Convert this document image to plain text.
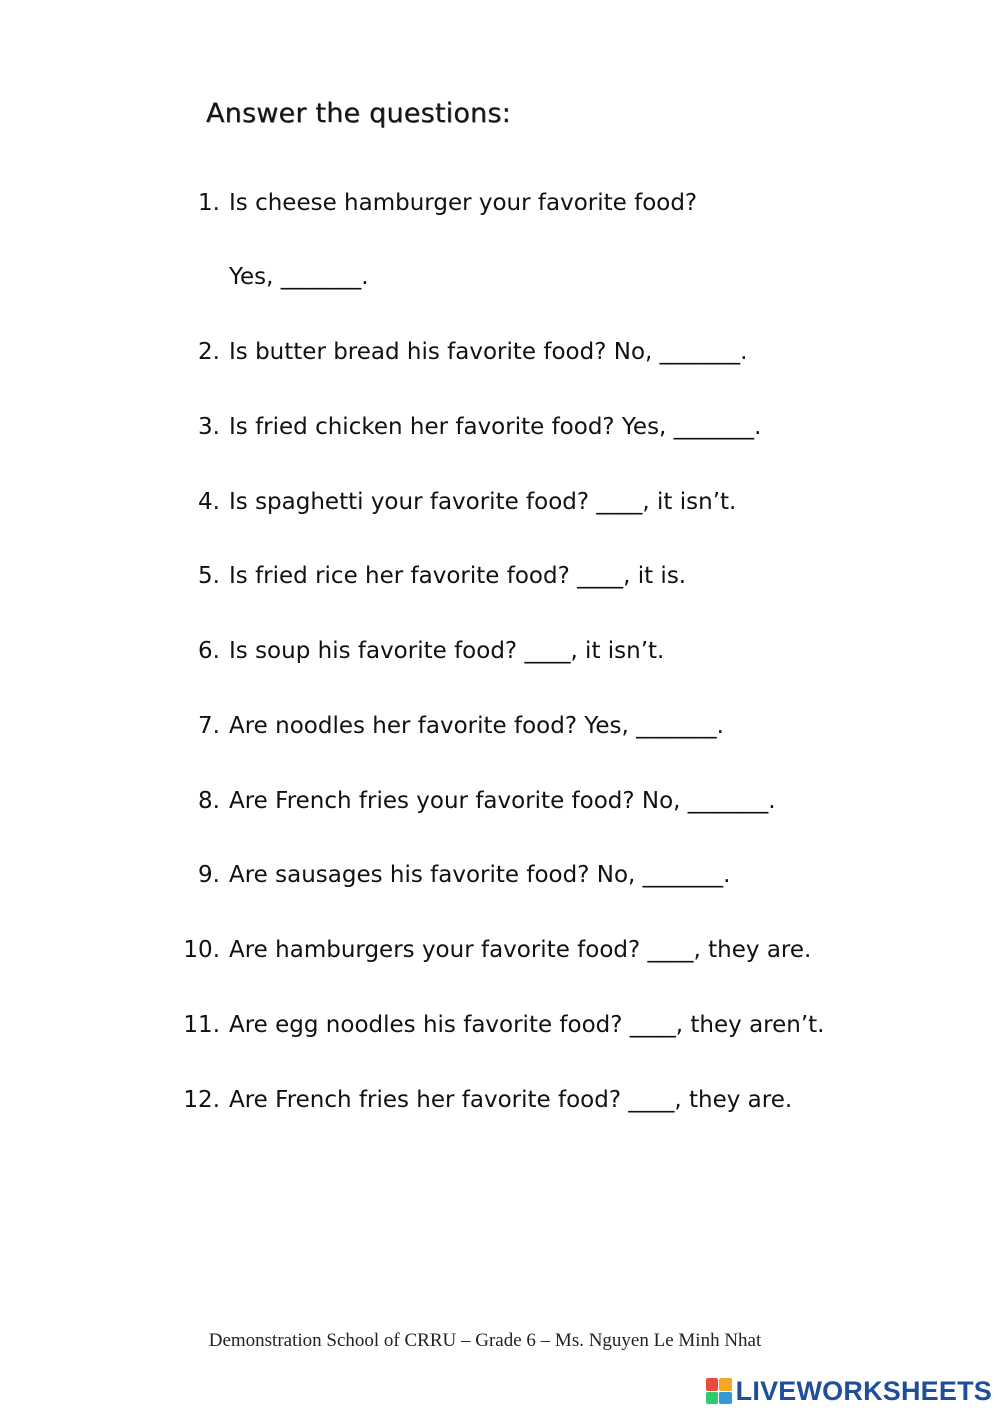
Answer the questions:
1. Is cheese hamburger your favorite food?
Yes, _______.
2. Is butter bread his favorite food? No, _______.
3. Is fried chicken her favorite food? Yes, _______.
4. Is spaghetti your favorite food? ____, it isn’t.
5. Is fried rice her favorite food? ____, it is.
6. Is soup his favorite food? ____, it isn’t.
7. Are noodles her favorite food? Yes, _______.
8. Are French fries your favorite food? No, _______.
9. Are sausages his favorite food? No, _______.
10. Are hamburgers your favorite food? ____, they are.
11. Are egg noodles his favorite food? ____, they aren’t.
12. Are French fries her favorite food? ____, they are.
Demonstration School of CRRU – Grade 6 – Ms. Nguyen Le Minh Nhat
LIVEWORKSHEETS
